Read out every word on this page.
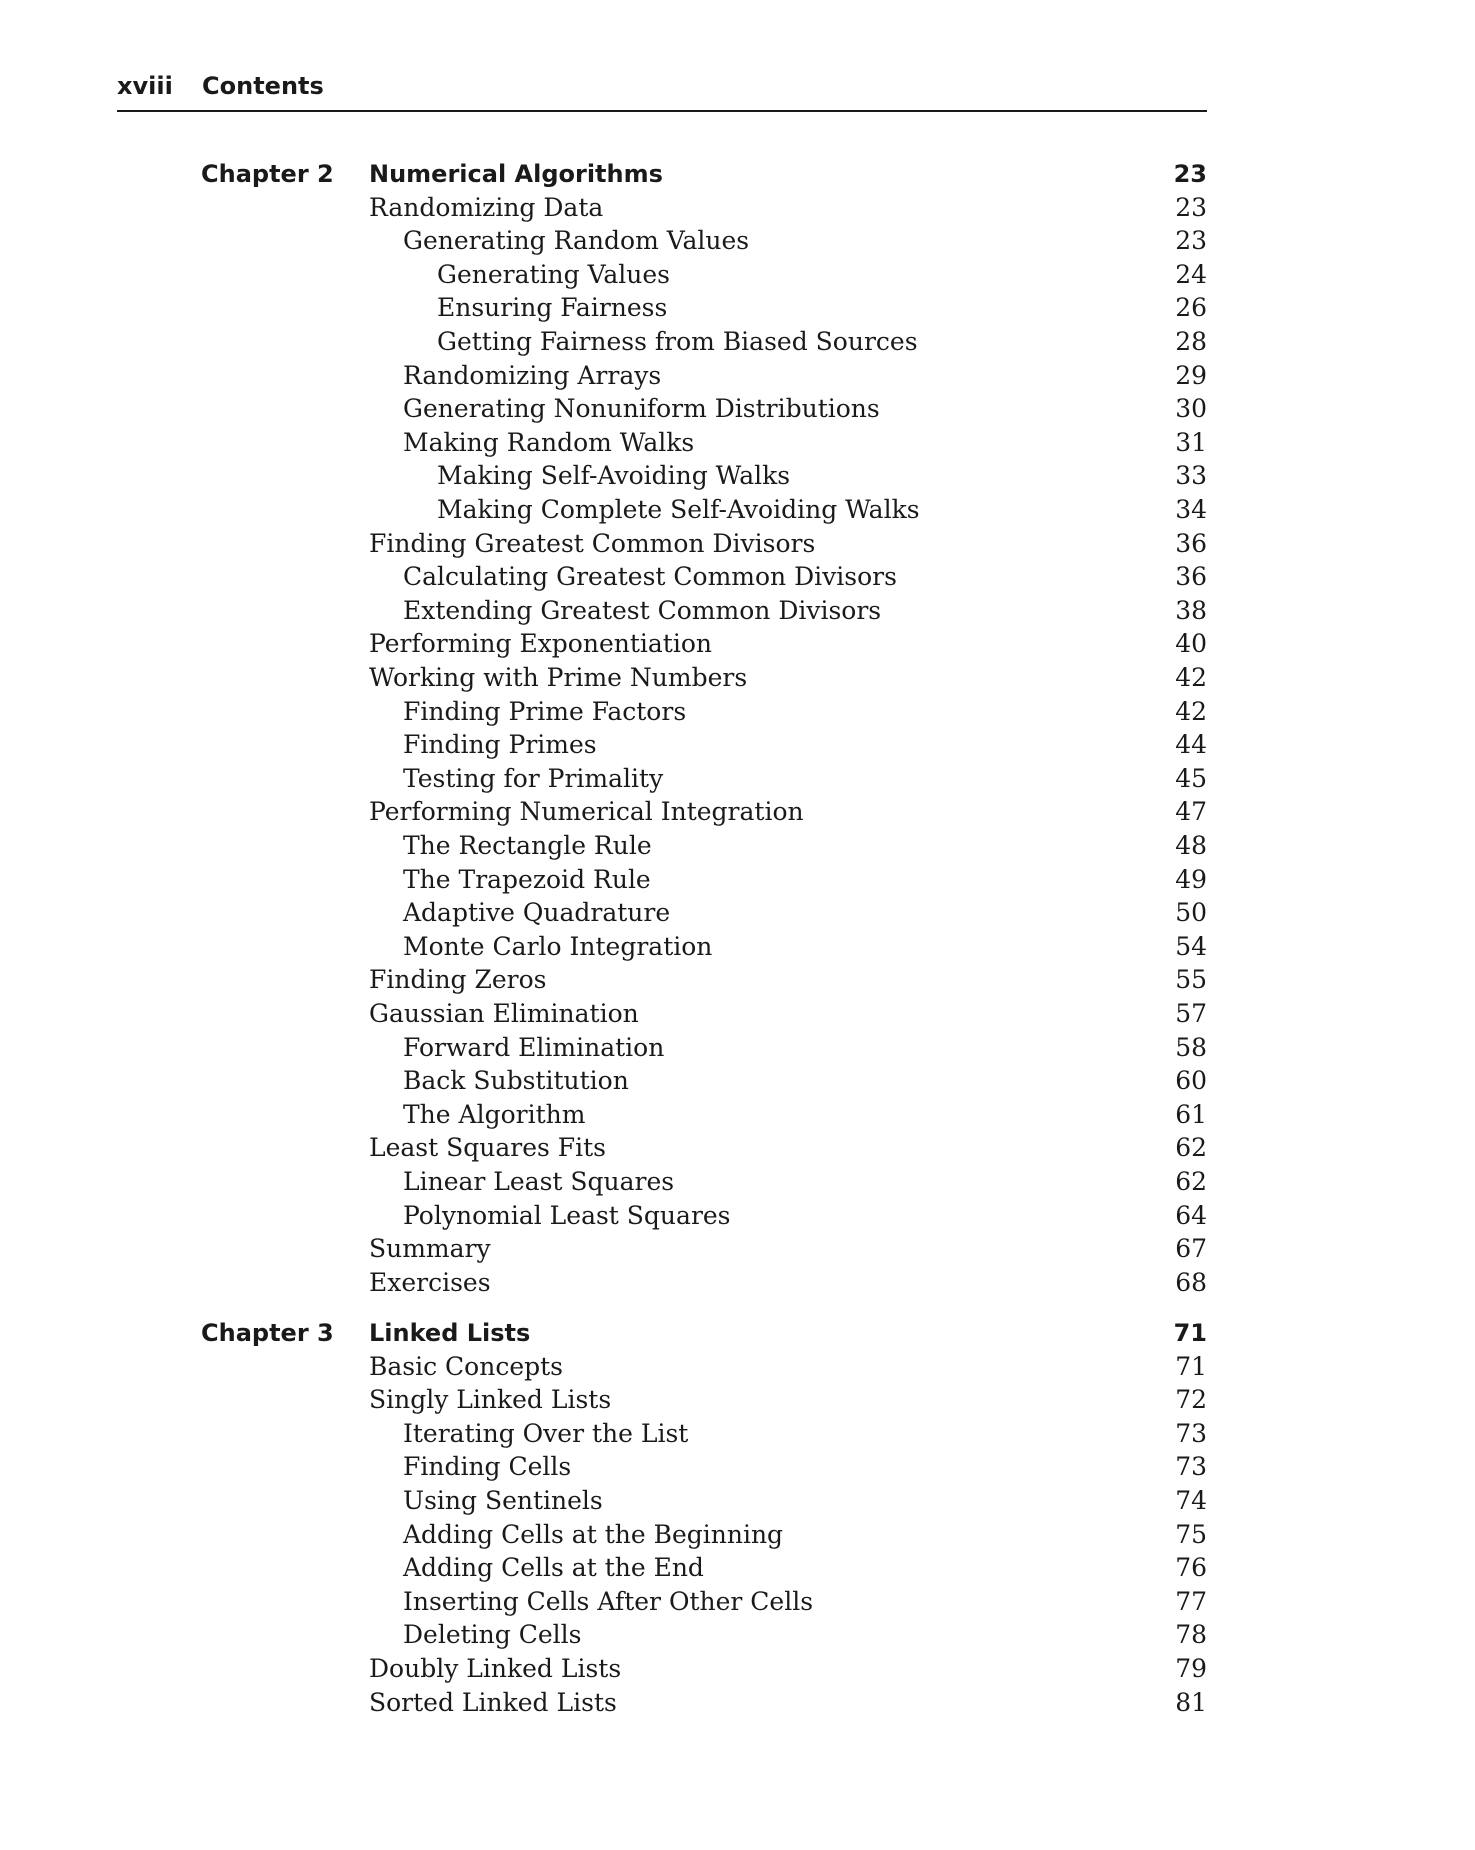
xviii Contents
Chapter 2 Numerical Algorithms	23
Randomizing Data	23
Generating Random Values	23
Generating Values	24
Ensuring Fairness	26
Getting Fairness from Biased Sources	28
Randomizing Arrays	29
Generating Nonuniform Distributions	30
Making Random Walks	31
Making Self-Avoiding Walks	33
Making Complete Self-Avoiding Walks	34
Finding Greatest Common Divisors	36
Calculating Greatest Common Divisors	36
Extending Greatest Common Divisors	38
Performing Exponentiation	40
Working with Prime Numbers	42
Finding Prime Factors	42
Finding Primes	44
Testing for Primality	45
Performing Numerical Integration	47
The Rectangle Rule	48
The Trapezoid Rule	49
Adaptive Quadrature	50
Monte Carlo Integration	54
Finding Zeros	55
Gaussian Elimination	57
Forward Elimination	58
Back Substitution	60
The Algorithm	61
Least Squares Fits	62
Linear Least Squares	62
Polynomial Least Squares	64
Summary	67
Exercises	68
Chapter 3 Linked Lists	71
Basic Concepts	71
Singly Linked Lists	72
Iterating Over the List	73
Finding Cells	73
Using Sentinels	74
Adding Cells at the Beginning	75
Adding Cells at the End	76
Inserting Cells After Other Cells	77
Deleting Cells	78
Doubly Linked Lists	79
Sorted Linked Lists	81
